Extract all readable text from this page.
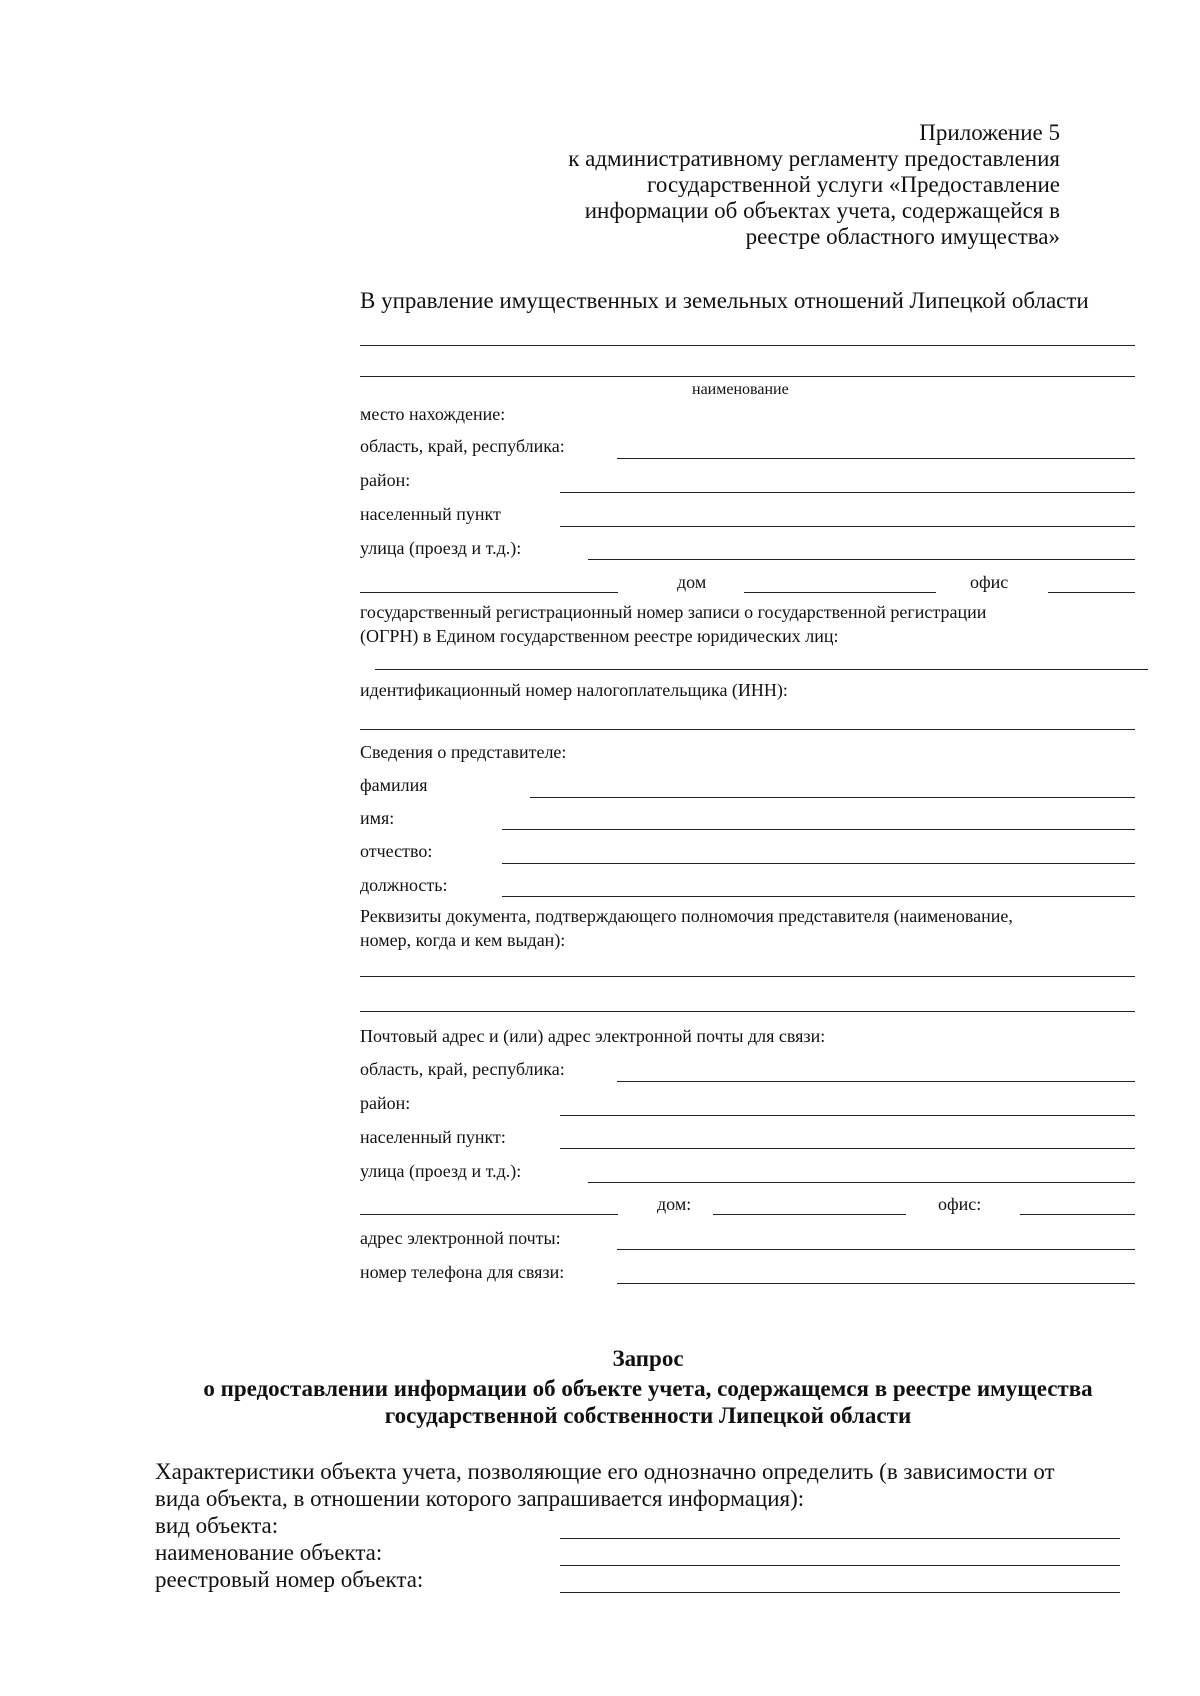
Приложение 5
к административному регламенту предоставления
государственной услуги «Предоставление
информации об объектах учета, содержащейся в
реестре областного имущества»
В управление имущественных и земельных отношений Липецкой области
наименование
место нахождение:
область, край, республика:
район:
населенный пункт
улица (проезд и т.д.):
дом	офис
государственный регистрационный номер записи о государственной регистрации
(ОГРН) в Едином государственном реестре юридических лиц:
идентификационный номер налогоплательщика (ИНН):
Сведения о представителе:
фамилия
имя:
отчество:
должность:
Реквизиты документа, подтверждающего полномочия представителя (наименование,
номер, когда и кем выдан):
Почтовый адрес и (или) адрес электронной почты для связи:
область, край, республика:
район:
населенный пункт:
улица (проезд и т.д.):
дом:	офис:
адрес электронной почты:
номер телефона для связи:
Запрос
о предоставлении информации об объекте учета, содержащемся в реестре имущества
государственной собственности Липецкой области
Характеристики объекта учета, позволяющие его однозначно определить (в зависимости от
вида объекта, в отношении которого запрашивается информация):
вид объекта:
наименование объекта:
реестровый номер объекта:
